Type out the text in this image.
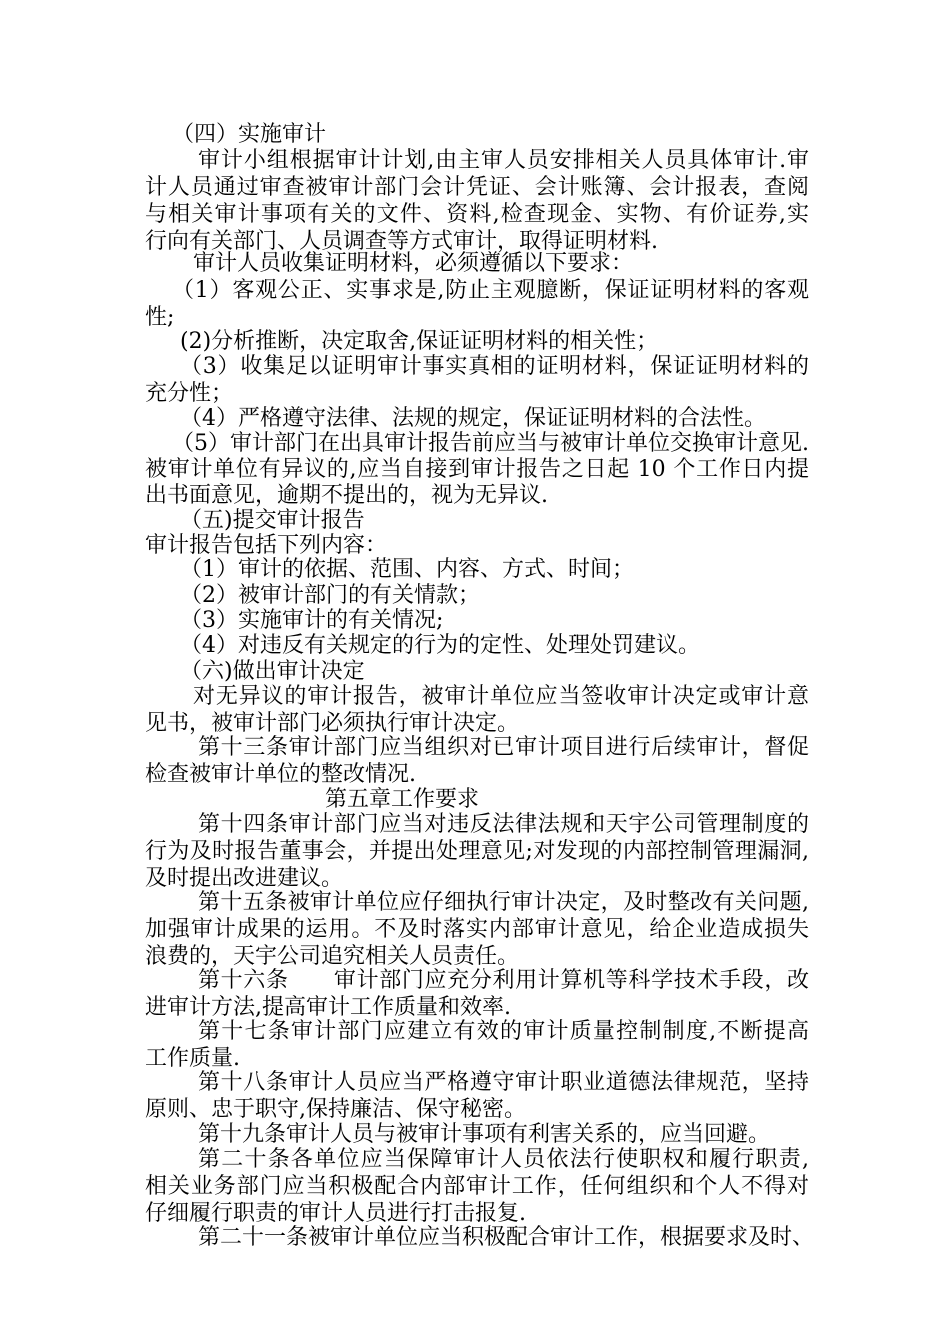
（四）实施审计
审计小组根据审计计划,由主审人员安排相关人员具体审计.审
计人员通过审查被审计部门会计凭证、会计账簿、会计报表，查阅
与相关审计事项有关的文件、资料,检查现金、实物、有价证券,实
行向有关部门、人员调查等方式审计，取得证明材料.
审计人员收集证明材料，必须遵循以下要求：
（1）客观公正、实事求是,防止主观臆断，保证证明材料的客观
性;
(2)分析推断，决定取舍,保证证明材料的相关性；
（3）收集足以证明审计事实真相的证明材料，保证证明材料的
充分性；
（4）严格遵守法律、法规的规定，保证证明材料的合法性。
（5）审计部门在出具审计报告前应当与被审计单位交换审计意见.
被审计单位有异议的,应当自接到审计报告之日起 10 个工作日内提
出书面意见，逾期不提出的，视为无异议.
（五)提交审计报告
审计报告包括下列内容：
（1）审计的依据、范围、内容、方式、时间；
（2）被审计部门的有关情款；
（3）实施审计的有关情况;
（4）对违反有关规定的行为的定性、处理处罚建议。
（六)做出审计决定
对无异议的审计报告，被审计单位应当签收审计决定或审计意
见书，被审计部门必须执行审计决定。
第十三条审计部门应当组织对已审计项目进行后续审计，督促
检查被审计单位的整改情况.
第五章工作要求
第十四条审计部门应当对违反法律法规和天宇公司管理制度的
行为及时报告董事会，并提出处理意见;对发现的内部控制管理漏洞,
及时提出改进建议。
第十五条被审计单位应仔细执行审计决定，及时整改有关问题,
加强审计成果的运用。不及时落实内部审计意见，给企业造成损失
浪费的，天宇公司追究相关人员责任。
第十六条　　审计部门应充分利用计算机等科学技术手段，改
进审计方法,提高审计工作质量和效率.
第十七条审计部门应建立有效的审计质量控制制度,不断提高
工作质量.
第十八条审计人员应当严格遵守审计职业道德法律规范，坚持
原则、忠于职守,保持廉洁、保守秘密。
第十九条审计人员与被审计事项有利害关系的，应当回避。
第二十条各单位应当保障审计人员依法行使职权和履行职责,
相关业务部门应当积极配合内部审计工作，任何组织和个人不得对
仔细履行职责的审计人员进行打击报复.
第二十一条被审计单位应当积极配合审计工作，根据要求及时、
